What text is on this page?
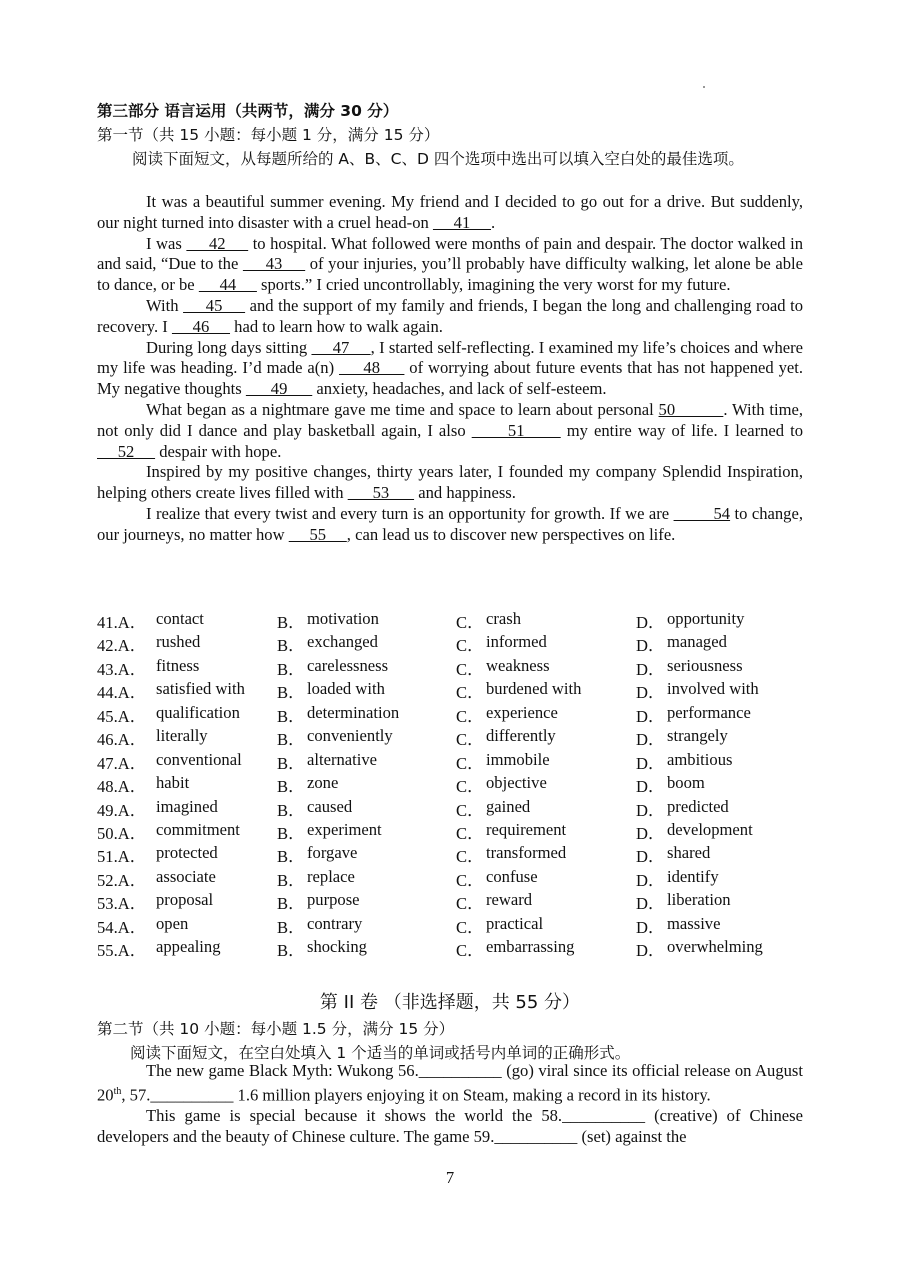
第三部分 语言运用（共两节，满分 30 分）
第一节（共 15 小题：每小题 1 分，满分 15 分）
阅读下面短文，从每题所给的 A、B、C、D 四个选项中选出可以填入空白处的最佳选项。

It was a beautiful summer evening. My friend and I decided to go out for a drive. But suddenly, our night turned into disaster with a cruel head-on      41     .

I was      42      to hospital. What followed were months of pain and despair. The doctor walked in and said, “Due to the      43      of your injuries, you’ll probably have difficulty walking, let alone be able to dance, or be      44      sports.” I cried uncontrollably, imagining the very worst for my future.

With      45      and the support of my family and friends, I began the long and challenging road to recovery. I      46      had to learn how to walk again.

During long days sitting      47     , I started self-reflecting. I examined my life’s choices and where my life was heading. I’d made a(n)      48      of worrying about future events that has not happened yet. My negative thoughts       49       anxiety, headaches, and lack of self-esteem.

What began as a nightmare gave me time and space to learn about personal 50          . With time, not only did I dance and play basketball again, I also       51       my entire way of life. I learned to      52      despair with hope.

Inspired by my positive changes, thirty years later, I founded my company Splendid Inspiration, helping others create lives filled with       53       and happiness.

I realize that every twist and every turn is an opportunity for growth. If we are          54 to change, our journeys, no matter how      55     , can lead us to discover new perspectives on life.

41.A． contact	B． motivation	C． crash	D． opportunity
42.A． rushed	B． exchanged	C． informed	D． managed
43.A． fitness	B． carelessness	C． weakness	D． seriousness
44.A． satisfied with B． loaded with	C． burdened with	D． involved with
45.A． qualification B． determination	C． experience	D． performance
46.A． literally	B． conveniently	C． differently	D． strangely
47.A． conventional B． alternative	C． immobile	D． ambitious
48.A． habit	B． zone	C． objective	D． boom
49.A． imagined	B． caused	C． gained	D． predicted
50.A． commitment B． experiment	C． requirement	D． development
51.A． protected	B． forgave	C． transformed	D． shared
52.A． associate	B． replace	C． confuse	D． identify
53.A． proposal	B． purpose	C． reward	D． liberation
54.A． open	B． contrary	C． practical	D． massive
55.A． appealing	B． shocking	C． embarrassing	D． overwhelming
第 II 卷 （非选择题，共 55 分）
第二节（共 10 小题：每小题 1.5 分，满分 15 分）
阅读下面短文，在空白处填入 1 个适当的单词或括号内单词的正确形式。

The new game Black Myth: Wukong 56.__________ (go) viral since its official release on August 20th, 57.__________ 1.6 million players enjoying it on Steam, making a record in its history.

This game is special because it shows the world the 58.__________ (creative) of Chinese developers and the beauty of Chinese culture. The game 59.__________ (set) against the

7
